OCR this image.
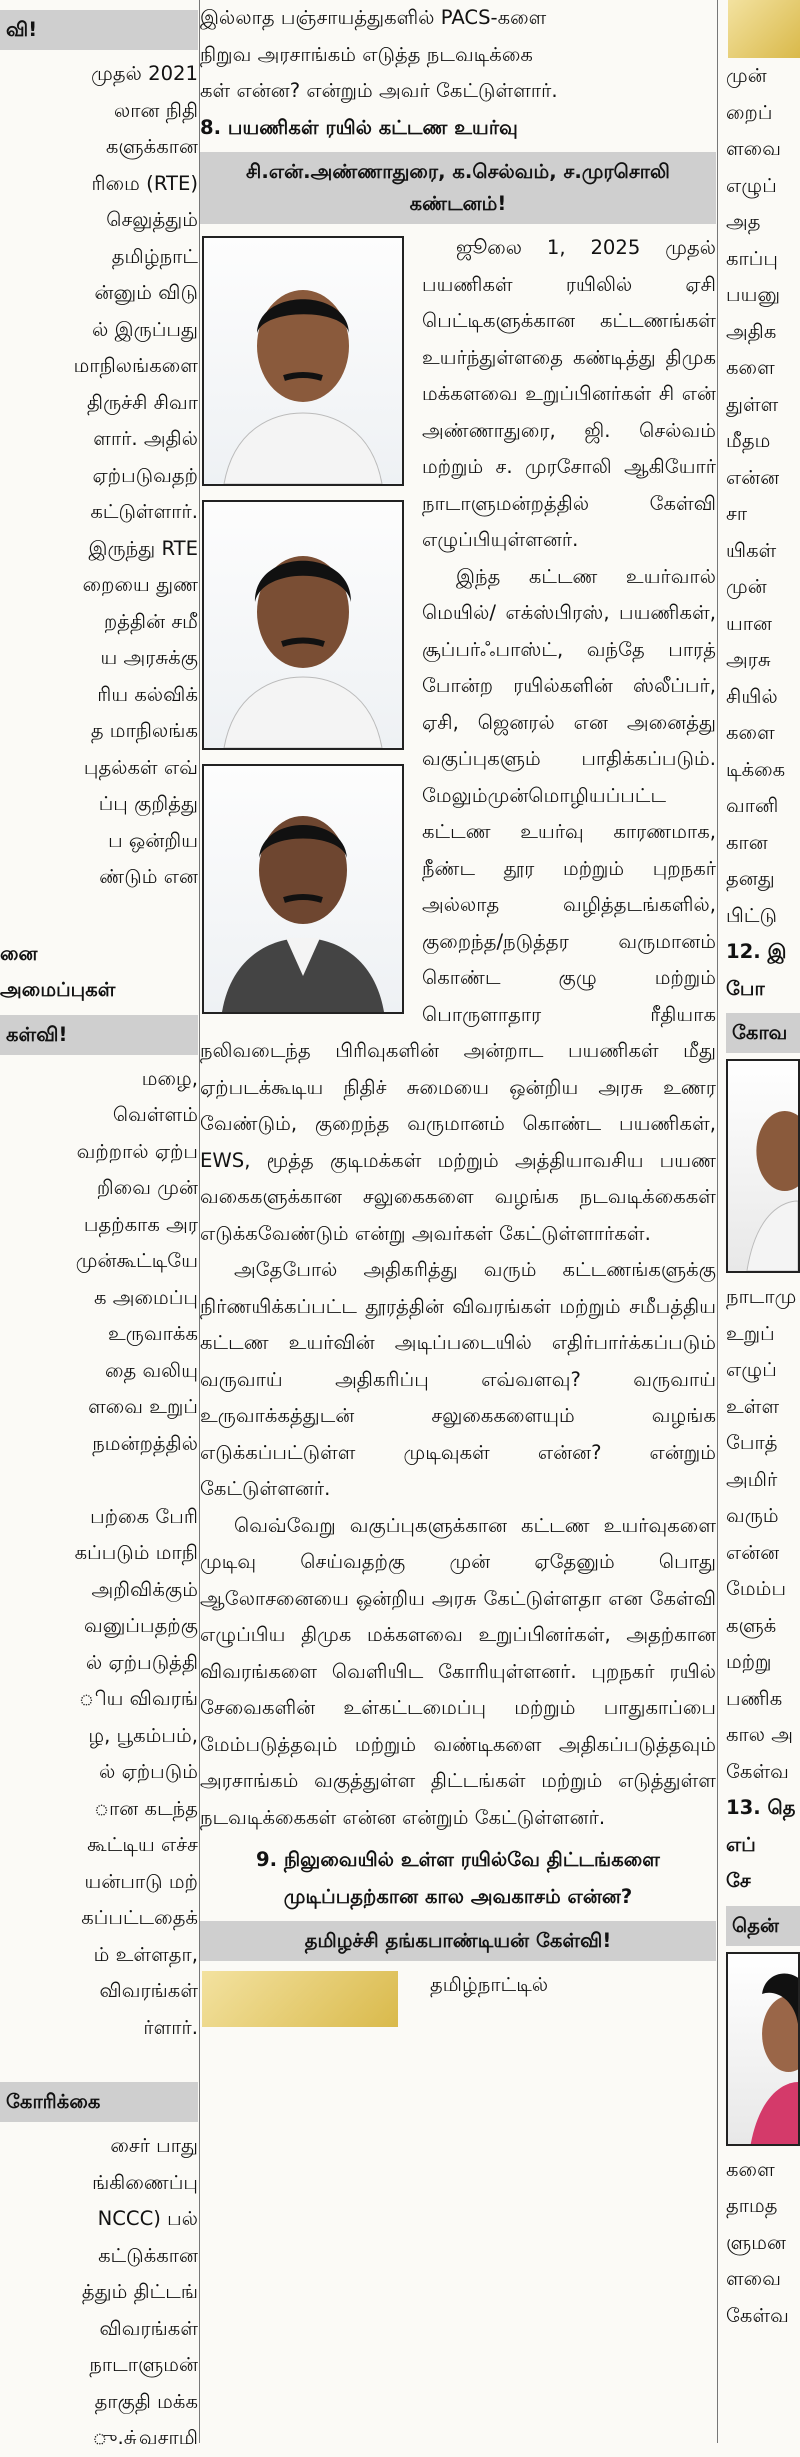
வி!

முதல் 2021

லான நிதி

களுக்கான

ரிமை (RTE)

செலுத்தும்

தமிழ்நாட்

ன்னும் விடு

ல் இருப்பது

மாநிலங்களை

திருச்சி சிவா

ளார். அதில்

ஏற்படுவதற்

கட்டுள்ளார்.

இருந்து RTE

றையை துண

றத்தின் சமீ

ய அரசுக்கு

ரிய கல்விக்

த மாநிலங்க

புதல்கள் எவ்

ப்பு குறித்து

ப ஒன்றிய

ண்டும் என

னை

அமைப்புகள்

கள்வி!

மழை,

வெள்ளம்

வற்றால் ஏற்ப

றிவை முன்

பதற்காக அர

முன்கூட்டியே

க அமைப்பு

உருவாக்க

தை வலியு

ளவை உறுப்

நமன்றத்தில்

பற்கை பேரி

கப்படும் மாநி

அறிவிக்கும்

வனுப்பதற்கு

ல் ஏற்படுத்தி

ிய விவரங்

ழ, பூகம்பம்,

ல் ஏற்படும்

ான கடந்த

கூட்டிய எச்ச

யன்பாடு மற்

கப்பட்டதைக்

ம் உள்ளதா,

விவரங்கள்

ர்ளார்.

கோரிக்கை

சைர் பாது

ங்கிணைப்பு

NCCC) பல்

கட்டுக்கான

த்தும் திட்டங்

விவரங்கள்

நாடாளுமன்

தாகுதி மக்க

ு.சு்வசாமி

இல்லாத பஞ்சாயத்துகளில் PACS-களை

நிறுவ அரசாங்கம் எடுத்த நடவடிக்கை

கள் என்ன? என்றும் அவர் கேட்டுள்ளார்.

8. பயணிகள் ரயில் கட்டண உயர்வு

சி.என்.அண்ணாதுரை, க.செல்வம், ச.முரசொலி கண்டனம்!

ஜூலை 1, 2025 முதல் பயணிகள் ரயிலில் ஏசி பெட்டிகளுக்கான கட்டணங்கள் உயர்ந்துள்ளதை கண்டித்து திமுக மக்களவை உறுப்பினர்கள் சி என் அண்ணாதுரை, ஜி. செல்வம் மற்றும் ச. முரசோலி ஆகியோர் நாடாளுமன்றத்தில் கேள்வி எழுப்பியுள்ளனர்.

இந்த கட்டண உயர்வால் மெயில்/ எக்ஸ்பிரஸ், பயணிகள், சூப்பர்ஃபாஸ்ட், வந்தே பாரத் போன்ற ரயில்களின் ஸ்லீப்பர், ஏசி, ஜெனரல் என அனைத்து வகுப்புகளும் பாதிக்கப்படும். மேலும்முன்மொழியப்பட்ட கட்டண உயர்வு காரணமாக, நீண்ட தூர மற்றும் புறநகர் அல்லாத வழித்தடங்களில், குறைந்த/நடுத்தர வருமானம் கொண்ட குழு மற்றும் பொருளாதார ரீதியாக நலிவடைந்த பிரிவுகளின் அன்றாட பயணிகள் மீது ஏற்படக்கூடிய நிதிச் சுமையை ஒன்றிய அரசு உணர வேண்டும், குறைந்த வருமானம் கொண்ட பயணிகள், EWS, மூத்த குடிமக்கள் மற்றும் அத்தியாவசிய பயண வகைகளுக்கான சலுகைகளை வழங்க நடவடிக்கைகள் எடுக்கவேண்டும் என்று அவர்கள் கேட்டுள்ளார்கள்.

அதேபோல் அதிகரித்து வரும் கட்டணங்களுக்கு நிர்ணயிக்கப்பட்ட தூரத்தின் விவரங்கள் மற்றும் சமீபத்திய கட்டண உயர்வின் அடிப்படையில் எதிர்பார்க்கப்படும் வருவாய் அதிகரிப்பு எவ்வளவு? வருவாய் உருவாக்கத்துடன் சலுகைகளையும் வழங்க எடுக்கப்பட்டுள்ள முடிவுகள் என்ன? என்றும் கேட்டுள்ளனர்.

வெவ்வேறு வகுப்புகளுக்கான கட்டண உயர்வுகளை முடிவு செய்வதற்கு முன் ஏதேனும் பொது ஆலோசனையை ஒன்றிய அரசு கேட்டுள்ளதா என கேள்வி எழுப்பிய திமுக மக்களவை உறுப்பினர்கள், அதற்கான விவரங்களை வெளியிட கோரியுள்ளனர். புறநகர் ரயில் சேவைகளின் உள்கட்டமைப்பு மற்றும் பாதுகாப்பை மேம்படுத்தவும் மற்றும் வண்டிகளை அதிகப்படுத்தவும் அரசாங்கம் வகுத்துள்ள திட்டங்கள் மற்றும் எடுத்துள்ள நடவடிக்கைகள் என்ன என்றும் கேட்டுள்ளனர்.

9. நிலுவையில் உள்ள ரயில்வே திட்டங்களை

முடிப்பதற்கான கால அவகாசம் என்ன?

தமிழச்சி தங்கபாண்டியன் கேள்வி!

தமிழ்நாட்டில்

முன்

றைப்

ளவை

எழுப்

அத

காப்பு

பயனு

அதிக

களை

துள்ள

மீதம

என்ன

சா

யிகள்

முன்

யான

அரசு

சியில்

களை

டிக்கை

வானி

கான

தனது

பிட்டு

12. இ

போ

கோவ

நாடாமு

உறுப்

எழுப்

உள்ள

போத்

அமிர்

வரும்

என்ன

மேம்ப

களுக்

மற்று

பணிக

கால அ

கேள்வ

13. தெ

எப்

சே

தென்

களை

தாமத

ளுமன

ளவை

கேள்வ
